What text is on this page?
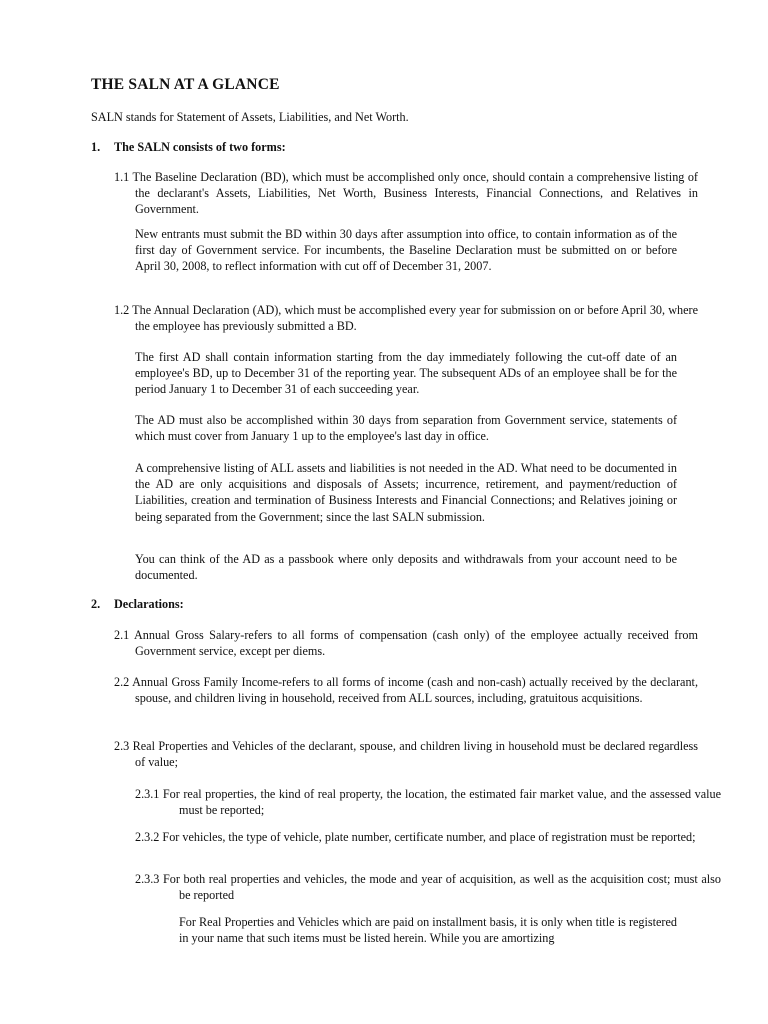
THE SALN AT A GLANCE
SALN stands for Statement of Assets, Liabilities, and Net Worth.
1. The SALN consists of two forms:
1.1 The Baseline Declaration (BD), which must be accomplished only once, should contain a comprehensive listing of the declarant's Assets, Liabilities, Net Worth, Business Interests, Financial Connections, and Relatives in Government.
New entrants must submit the BD within 30 days after assumption into office, to contain information as of the first day of Government service. For incumbents, the Baseline Declaration must be submitted on or before April 30, 2008, to reflect information with cut off of December 31, 2007.
1.2 The Annual Declaration (AD), which must be accomplished every year for submission on or before April 30, where the employee has previously submitted a BD.
The first AD shall contain information starting from the day immediately following the cut-off date of an employee's BD, up to December 31 of the reporting year. The subsequent ADs of an employee shall be for the period January 1 to December 31 of each succeeding year.
The AD must also be accomplished within 30 days from separation from Government service, statements of which must cover from January 1 up to the employee's last day in office.
A comprehensive listing of ALL assets and liabilities is not needed in the AD. What need to be documented in the AD are only acquisitions and disposals of Assets; incurrence, retirement, and payment/reduction of Liabilities, creation and termination of Business Interests and Financial Connections; and Relatives joining or being separated from the Government; since the last SALN submission.
You can think of the AD as a passbook where only deposits and withdrawals from your account need to be documented.
2. Declarations:
2.1 Annual Gross Salary-refers to all forms of compensation (cash only) of the employee actually received from Government service, except per diems.
2.2 Annual Gross Family Income-refers to all forms of income (cash and non-cash) actually received by the declarant, spouse, and children living in household, received from ALL sources, including, gratuitous acquisitions.
2.3 Real Properties and Vehicles of the declarant, spouse, and children living in household must be declared regardless of value;
2.3.1 For real properties, the kind of real property, the location, the estimated fair market value, and the assessed value must be reported;
2.3.2 For vehicles, the type of vehicle, plate number, certificate number, and place of registration must be reported;
2.3.3 For both real properties and vehicles, the mode and year of acquisition, as well as the acquisition cost; must also be reported
For Real Properties and Vehicles which are paid on installment basis, it is only when title is registered in your name that such items must be listed herein. While you are amortizing
